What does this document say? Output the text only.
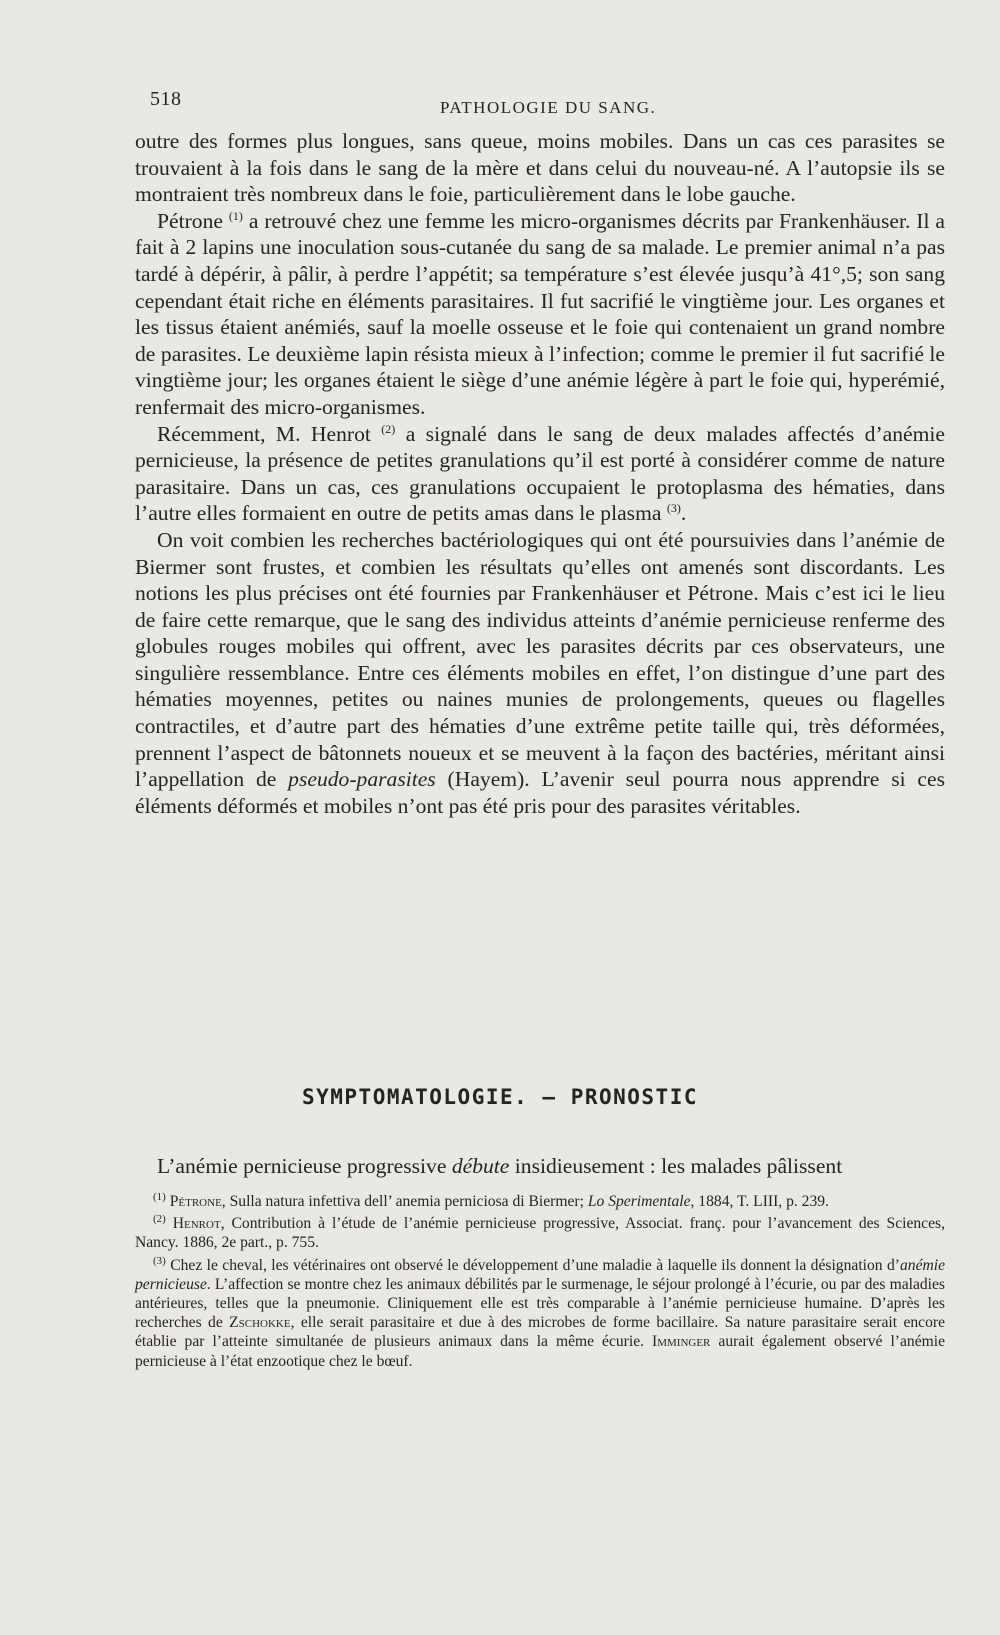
518	PATHOLOGIE DU SANG.

outre des formes plus longues, sans queue, moins mobiles. Dans un cas ces parasites se trouvaient à la fois dans le sang de la mère et dans celui du nouveau-né. A l’autopsie ils se montraient très nombreux dans le foie, particulièrement dans le lobe gauche.

Pétrone $^{(1)}$ a retrouvé chez une femme les micro-organismes décrits par Frankenhäuser. Il a fait à 2 lapins une inoculation sous-cutanée du sang de sa malade. Le premier animal n’a pas tardé à dépérir, à pâlir, à perdre l’appétit; sa température s’est élevée jusqu’à 41°,5; son sang cependant était riche en éléments parasitaires. Il fut sacrifié le vingtième jour. Les organes et les tissus étaient anémiés, sauf la moelle osseuse et le foie qui contenaient un grand nombre de parasites. Le deuxième lapin résista mieux à l’infection; comme le premier il fut sacrifié le vingtième jour; les organes étaient le siège d’une anémie légère à part le foie qui, hyperémié, renfermait des micro-organismes.

Récemment, M. Henrot $^{(2)}$ a signalé dans le sang de deux malades affectés d’anémie pernicieuse, la présence de petites granulations qu’il est porté à considérer comme de nature parasitaire. Dans un cas, ces granulations occupaient le protoplasma des hématies, dans l’autre elles formaient en outre de petits amas dans le plasma $^{(3)}$.

On voit combien les recherches bactériologiques qui ont été poursuivies dans l’anémie de Biermer sont frustes, et combien les résultats qu’elles ont amenés sont discordants. Les notions les plus précises ont été fournies par Frankenhäuser et Pétrone. Mais c’est ici le lieu de faire cette remarque, que le sang des individus atteints d’anémie pernicieuse renferme des globules rouges mobiles qui offrent, avec les parasites décrits par ces observateurs, une singulière ressemblance. Entre ces éléments mobiles en effet, l’on distingue d’une part des hématies moyennes, petites ou naines munies de prolongements, queues ou flagelles contractiles, et d’autre part des hématies d’une extrême petite taille qui, très déformées, prennent l’aspect de bâtonnets noueux et se meuvent à la façon des bactéries, méritant ainsi l’appellation de pseudo-parasites (Hayem). L’avenir seul pourra nous apprendre si ces éléments déformés et mobiles n’ont pas été pris pour des parasites véritables.

SYMPTOMATOLOGIE. — PRONOSTIC

L’anémie pernicieuse progressive débute insidieusement : les malades pâlissent

$^{(1)}$ Pétrone, Sulla natura infettiva dell’ anemia perniciosa di Biermer; Lo Sperimentale, 1884, T. LIII, p. 239.

$^{(2)}$ Henrot, Contribution à l’étude de l’anémie pernicieuse progressive, Associat. franç. pour l’avancement des Sciences, Nancy. 1886, 2e part., p. 755.

$^{(3)}$ Chez le cheval, les vétérinaires ont observé le développement d’une maladie à laquelle ils donnent la désignation d’anémie pernicieuse. L’affection se montre chez les animaux débilités par le surmenage, le séjour prolongé à l’écurie, ou par des maladies antérieures, telles que la pneumonie. Cliniquement elle est très comparable à l’anémie pernicieuse humaine. D’après les recherches de Zschokke, elle serait parasitaire et due à des microbes de forme bacillaire. Sa nature parasitaire serait encore établie par l’atteinte simultanée de plusieurs animaux dans la même écurie. Imminger aurait également observé l’anémie pernicieuse à l’état enzootique chez le bœuf.
